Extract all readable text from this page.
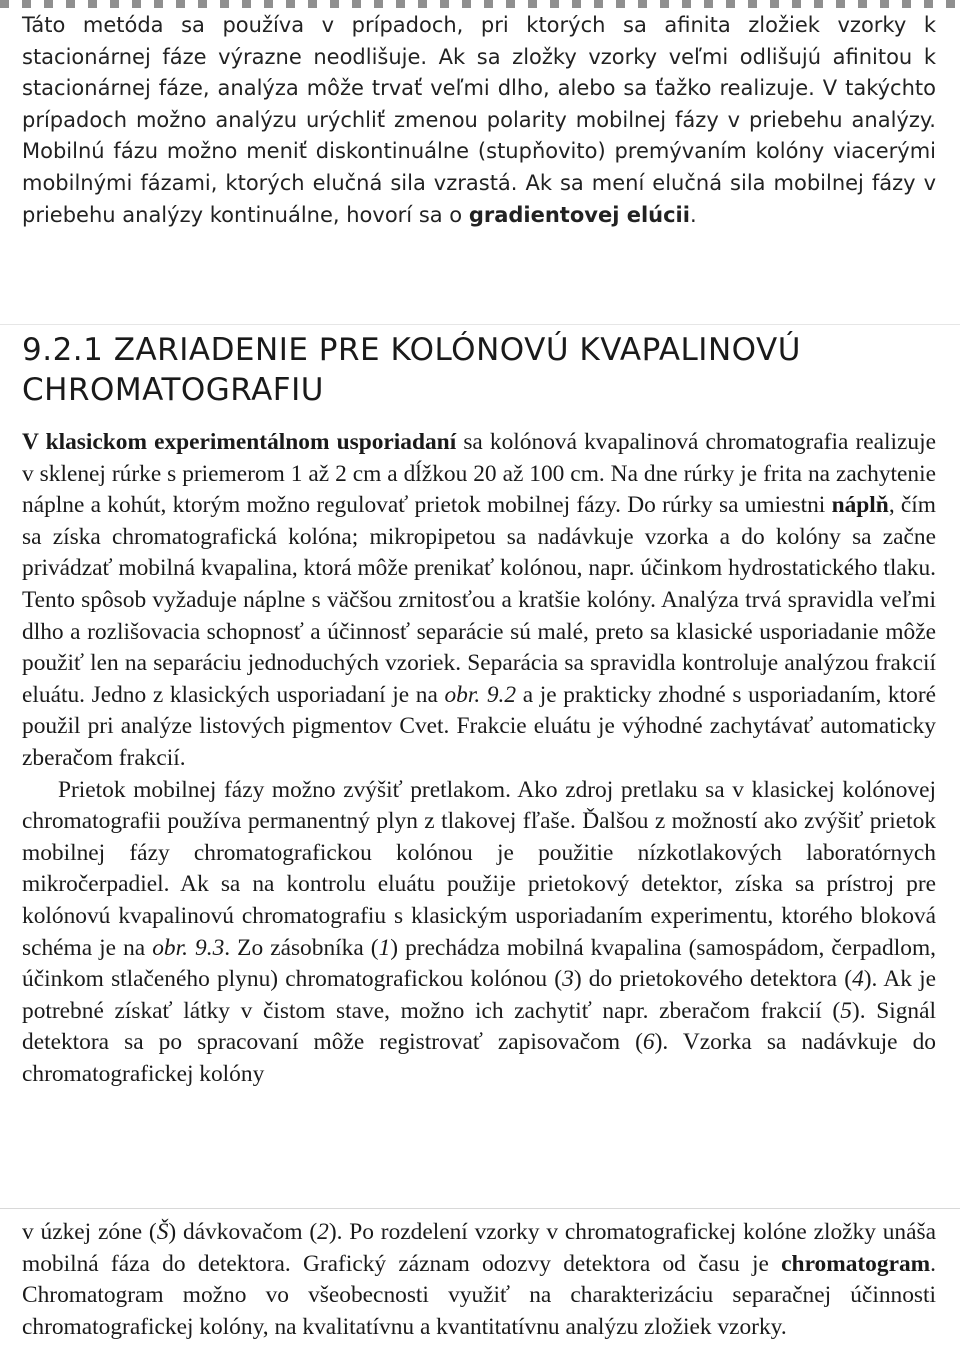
Táto metóda sa používa v prípadoch, pri ktorých sa afinita zložiek vzorky k stacionárnej fáze výrazne neodlišuje. Ak sa zložky vzorky veľmi odlišujú afinitou k stacionárnej fáze, analýza môže trvať veľmi dlho, alebo sa ťažko realizuje. V takýchto prípadoch možno analýzu urýchliť zmenou polarity mobilnej fázy v priebehu analýzy. Mobilnú fázu možno meniť diskontinuálne (stupňovito) premývaním kolóny viacerými mobilnými fázami, ktorých elučná sila vzrastá. Ak sa mení elučná sila mobilnej fázy v priebehu analýzy kontinuálne, hovorí sa o gradientovej elúcii.

9.2.1 ZARIADENIE PRE KOLÓNOVÚ KVAPALINOVÚ
CHROMATOGRAFIU

V klasickom experimentálnom usporiadaní sa kolónová kvapalinová chromatografia realizuje v sklenej rúrke s priemerom 1 až 2 cm a dĺžkou 20 až 100 cm. Na dne rúrky je frita na zachytenie náplne a kohút, ktorým možno regulovať prietok mobilnej fázy. Do rúrky sa umiestni náplň, čím sa získa chromatografická kolóna; mikropipetou sa nadávkuje vzorka a do kolóny sa začne privádzať mobilná kvapalina, ktorá môže prenikať kolónou, napr. účinkom hydrostatického tlaku. Tento spôsob vyžaduje náplne s väčšou zrnitosťou a kratšie kolóny. Analýza trvá spravidla veľmi dlho a rozlišovacia schopnosť a účinnosť separácie sú malé, preto sa klasické usporiadanie môže použiť len na separáciu jednoduchých vzoriek. Separácia sa spravidla kontroluje analýzou frakcií eluátu. Jedno z klasických usporiadaní je na obr. 9.2 a je prakticky zhodné s usporiadaním, ktoré použil pri analýze listových pigmentov Cvet. Frakcie eluátu je výhodné zachytávať automaticky zberačom frakcií.
Prietok mobilnej fázy možno zvýšiť pretlakom. Ako zdroj pretlaku sa v klasickej kolónovej chromatografii používa permanentný plyn z tlakovej fľaše. Ďalšou z možností ako zvýšiť prietok mobilnej fázy chromatografickou kolónou je použitie nízkotlakových laboratórnych mikročerpadiel. Ak sa na kontrolu eluátu použije prietokový detektor, získa sa prístroj pre kolónovú kvapalinovú chromatografiu s klasickým usporiadaním experimentu, ktorého bloková schéma je na obr. 9.3. Zo zásobníka (1) prechádza mobilná kvapalina (samospádom, čerpadlom, účinkom stlačeného plynu) chromatografickou kolónou (3) do prietokového detektora (4). Ak je potrebné získať látky v čistom stave, možno ich zachytiť napr. zberačom frakcií (5). Signál detektora sa po spracovaní môže registrovať zapisovačom (6). Vzorka sa nadávkuje do chromatografickej kolóny

v úzkej zóne (Š) dávkovačom (2). Po rozdelení vzorky v chromatografickej kolóne zložky unáša mobilná fáza do detektora. Grafický záznam odozvy detektora od času je chromatogram. Chromatogram možno vo všeobecnosti využiť na charakterizáciu separačnej účinnosti chromatografickej kolóny, na kvalitatívnu a kvantitatívnu analýzu zložiek vzorky.
